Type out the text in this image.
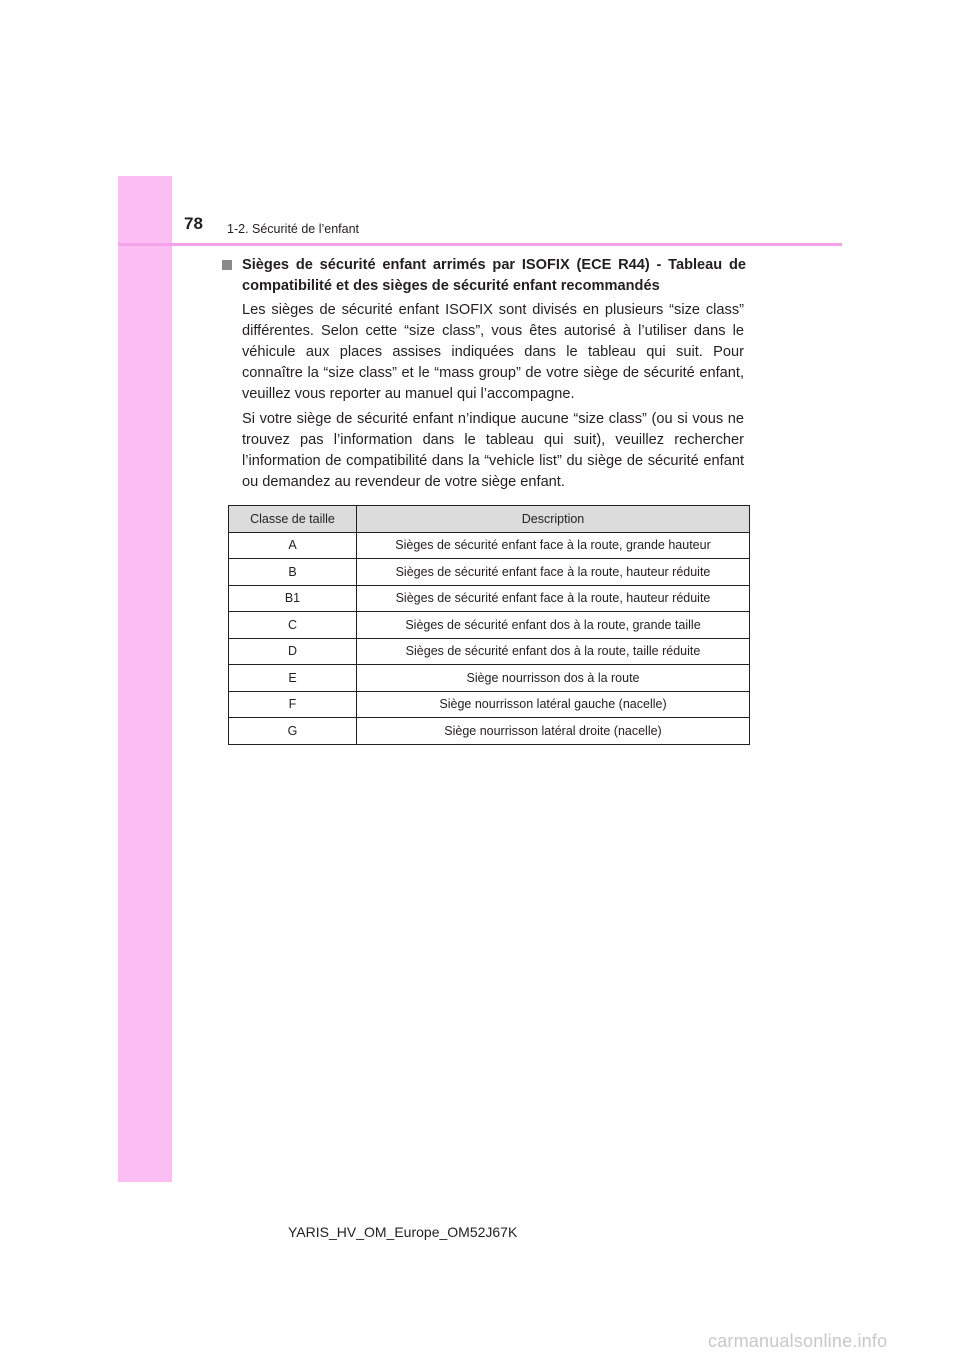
78 1-2. Sécurité de l’enfant
Sièges de sécurité enfant arrimés par ISOFIX (ECE R44) - Tableau de compatibilité et des sièges de sécurité enfant recommandés

Les sièges de sécurité enfant ISOFIX sont divisés en plusieurs “size class” différentes. Selon cette “size class”, vous êtes autorisé à l’utiliser dans le véhicule aux places assises indiquées dans le tableau qui suit. Pour connaître la “size class” et le “mass group” de votre siège de sécurité enfant, veuillez vous reporter au manuel qui l’accompagne.

Si votre siège de sécurité enfant n’indique aucune “size class” (ou si vous ne trouvez pas l’information dans le tableau qui suit), veuillez rechercher l’information de compatibilité dans la “vehicle list” du siège de sécurité enfant ou demandez au revendeur de votre siège enfant.

Classe de taille	Description
A	Sièges de sécurité enfant face à la route, grande hauteur
B	Sièges de sécurité enfant face à la route, hauteur réduite
B1	Sièges de sécurité enfant face à la route, hauteur réduite
C	Sièges de sécurité enfant dos à la route, grande taille
D	Sièges de sécurité enfant dos à la route, taille réduite
E	Siège nourrisson dos à la route
F	Siège nourrisson latéral gauche (nacelle)
G	Siège nourrisson latéral droite (nacelle)
YARIS_HV_OM_Europe_OM52J67K
carmanualsonline.info
